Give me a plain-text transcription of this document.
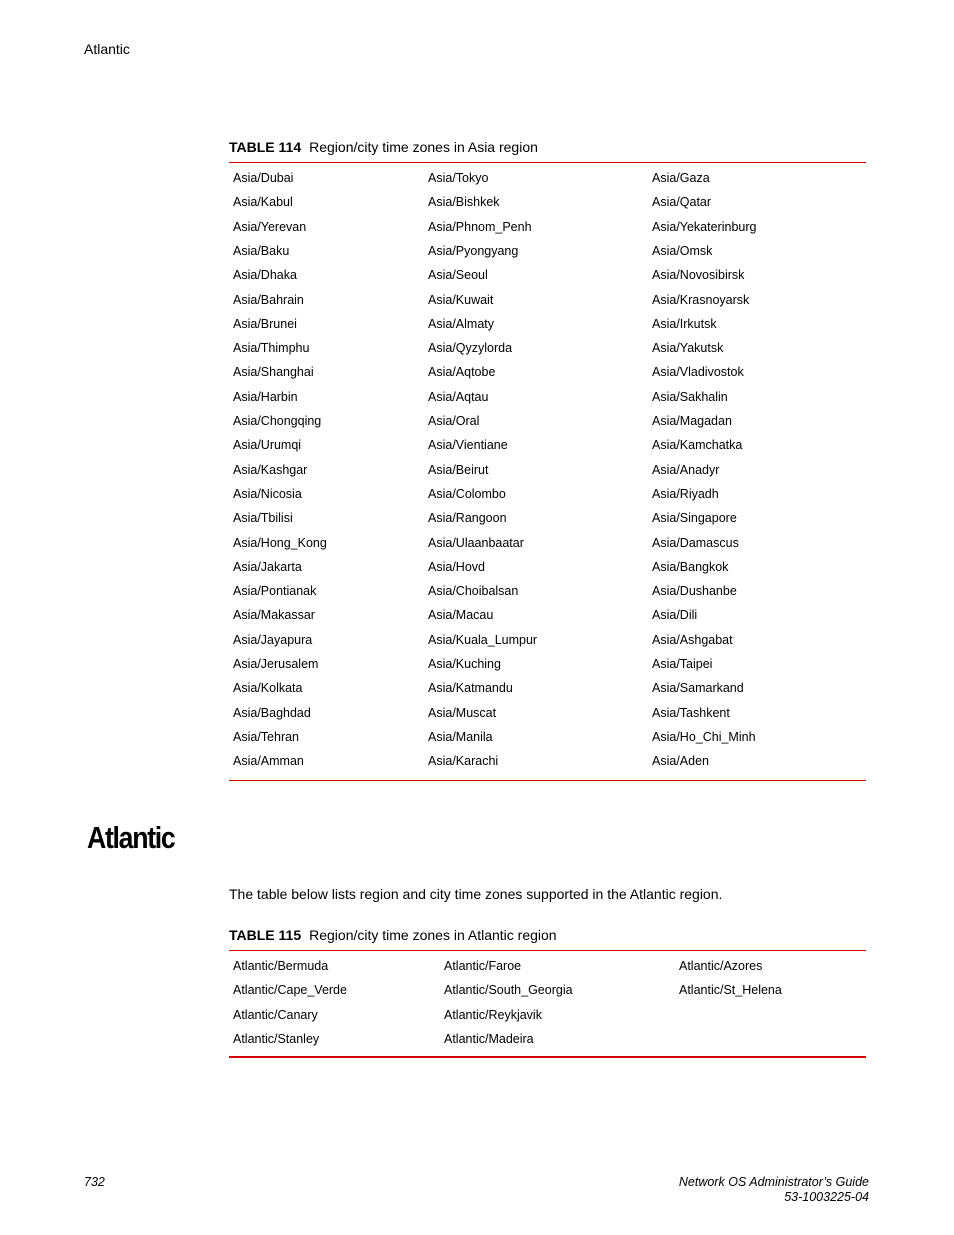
Atlantic
TABLE 114 Region/city time zones in Asia region
Asia/Dubai	Asia/Tokyo	Asia/Gaza
Asia/Kabul	Asia/Bishkek	Asia/Qatar
Asia/Yerevan	Asia/Phnom_Penh	Asia/Yekaterinburg
Asia/Baku	Asia/Pyongyang	Asia/Omsk
Asia/Dhaka	Asia/Seoul	Asia/Novosibirsk
Asia/Bahrain	Asia/Kuwait	Asia/Krasnoyarsk
Asia/Brunei	Asia/Almaty	Asia/Irkutsk
Asia/Thimphu	Asia/Qyzylorda	Asia/Yakutsk
Asia/Shanghai	Asia/Aqtobe	Asia/Vladivostok
Asia/Harbin	Asia/Aqtau	Asia/Sakhalin
Asia/Chongqing	Asia/Oral	Asia/Magadan
Asia/Urumqi	Asia/Vientiane	Asia/Kamchatka
Asia/Kashgar	Asia/Beirut	Asia/Anadyr
Asia/Nicosia	Asia/Colombo	Asia/Riyadh
Asia/Tbilisi	Asia/Rangoon	Asia/Singapore
Asia/Hong_Kong	Asia/Ulaanbaatar	Asia/Damascus
Asia/Jakarta	Asia/Hovd	Asia/Bangkok
Asia/Pontianak	Asia/Choibalsan	Asia/Dushanbe
Asia/Makassar	Asia/Macau	Asia/Dili
Asia/Jayapura	Asia/Kuala_Lumpur	Asia/Ashgabat
Asia/Jerusalem	Asia/Kuching	Asia/Taipei
Asia/Kolkata	Asia/Katmandu	Asia/Samarkand
Asia/Baghdad	Asia/Muscat	Asia/Tashkent
Asia/Tehran	Asia/Manila	Asia/Ho_Chi_Minh
Asia/Amman	Asia/Karachi	Asia/Aden
Atlantic
The table below lists region and city time zones supported in the Atlantic region.
TABLE 115 Region/city time zones in Atlantic region
Atlantic/Bermuda	Atlantic/Faroe	Atlantic/Azores
Atlantic/Cape_Verde	Atlantic/South_Georgia	Atlantic/St_Helena
Atlantic/Canary	Atlantic/Reykjavik
Atlantic/Stanley	Atlantic/Madeira
732	Network OS Administrator’s Guide
53-1003225-04
